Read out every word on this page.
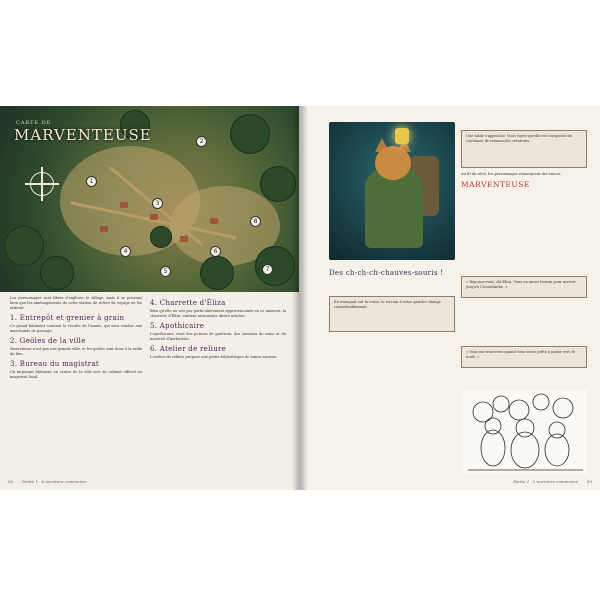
CARTE DE
MARVENTEUSE
1
2
3
4
5
6
7
8

Les personnages sont libres d'explorer le village, mais il se pourrait bien que les aménagements de cette station de relève de voyage ne les attirent.

1. Entrepôt et grenier à grain

Ce grand bâtiment contient la récolte de l'année, qui sera vendue aux marchands de passage.

2. Geôles de la ville

Marveteuse n'est pas une grande ville, et les geôles sont donc à la taille du lieu.

3. Bureau du magistrat

Un imposant bâtiment au centre de la ville sert de cabinet officiel au magistrat local.

4. Charrette d'Éliza

Bien qu'elle ne soit pas particulièrement approvisionnée en ce moment, la charrette d'Éliza contient néanmoins divers articles.

5. Apothicaire

L'apothicaire vend des potions de guérison, des trousses de soins et du matériel d'herboriste.

6. Atelier de reliure

L'atelier de reliure propose une petite bibliothèque de tomes anciens.

90 Partie 1 : L'aventure commence
Une table s'approche. Vous voyez qu'elle est composée de centaines de minuscules créatures.

Au fil du récit, les personnages remarquent des traces.

MARVENTEUSE
« Reposez-vous, dit Éliza. Vous en aurez besoin pour arriver jusqu'à Cocoabinthe. »
« Vous me trouverez quand vous serez prêts à partir vers le nord. »
Des ch-ch-ch-chauves-souris !
En avançant sur la route, le terrain à votre gauche change considérablement.
Partie 1 : L'aventure commence 89
